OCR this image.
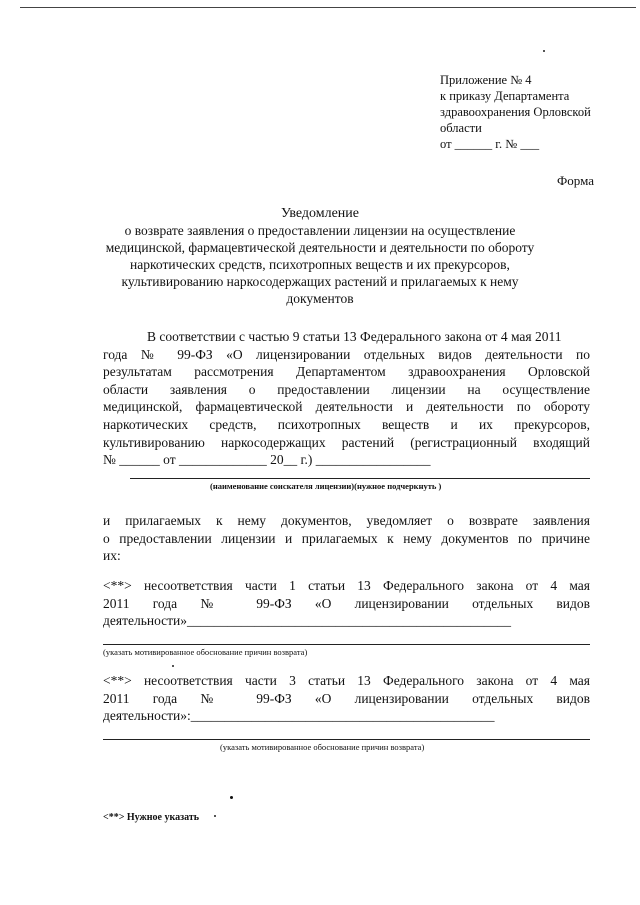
Приложение № 4
к приказу Департамента
здравоохранения Орловской
области
от ______ г. № ___
Форма
Уведомление
о возврате заявления о предоставлении лицензии на осуществление
медицинской, фармацевтической деятельности и деятельности по обороту
наркотических средств, психотропных веществ и их прекурсоров,
культивированию наркосодержащих растений и прилагаемых к нему
документов
В соответствии с частью 9 статьи 13 Федерального закона от 4 мая 2011
года № 99-ФЗ «О лицензировании отдельных видов деятельности по
результатам рассмотрения Департаментом здравоохранения Орловской
области заявления о предоставлении лицензии на осуществление
медицинской, фармацевтической деятельности и деятельности по обороту
наркотических средств, психотропных веществ и их прекурсоров,
культивированию наркосодержащих растений (регистрационный входящий
№ ______ от _____________ 20__ г.) _________________
(наименование соискателя лицензии)(нужное подчеркнуть )
и прилагаемых к нему документов, уведомляет о возврате заявления
о предоставлении лицензии и прилагаемых к нему документов по причине
их:
<**> несоответствия части 1 статьи 13 Федерального закона от 4 мая
2011 года № 99-ФЗ «О лицензировании отдельных видов
деятельности»________________________________________________
(указать мотивированное обоснование причин возврата)
<**> несоответствия части 3 статьи 13 Федерального закона от 4 мая
2011 года № 99-ФЗ «О лицензировании отдельных видов
деятельности»:_____________________________________________
(указать мотивированное обоснование причин возврата)
<**> Нужное указать
